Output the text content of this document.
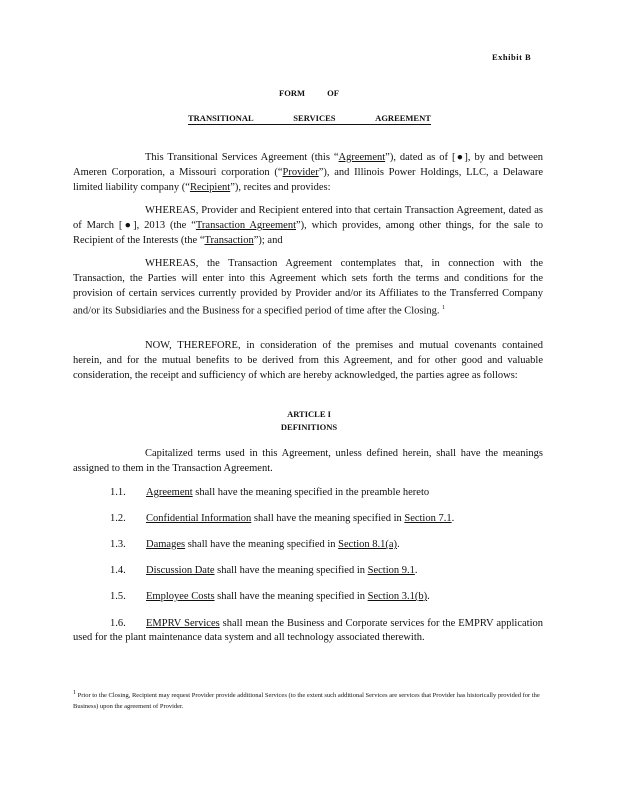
Exhibit B
FORM OF
TRANSITIONAL SERVICES AGREEMENT
This Transitional Services Agreement (this “Agreement”), dated as of [●], by and between Ameren Corporation, a Missouri corporation (“Provider”), and Illinois Power Holdings, LLC, a Delaware limited liability company (“Recipient”), recites and provides:
WHEREAS, Provider and Recipient entered into that certain Transaction Agreement, dated as of March [●], 2013 (the “Transaction Agreement”), which provides, among other things, for the sale to Recipient of the Interests (the “Transaction”); and
WHEREAS, the Transaction Agreement contemplates that, in connection with the Transaction, the Parties will enter into this Agreement which sets forth the terms and conditions for the provision of certain services currently provided by Provider and/or its Affiliates to the Transferred Company and/or its Subsidiaries and the Business for a specified period of time after the Closing. $^1$
NOW, THEREFORE, in consideration of the premises and mutual covenants contained herein, and for the mutual benefits to be derived from this Agreement, and for other good and valuable consideration, the receipt and sufficiency of which are hereby acknowledged, the parties agree as follows:
ARTICLE I
DEFINITIONS
Capitalized terms used in this Agreement, unless defined herein, shall have the meanings assigned to them in the Transaction Agreement.
1.1. Agreement shall have the meaning specified in the preamble hereto
1.2. Confidential Information shall have the meaning specified in Section 7.1.
1.3. Damages shall have the meaning specified in Section 8.1(a).
1.4. Discussion Date shall have the meaning specified in Section 9.1.
1.5. Employee Costs shall have the meaning specified in Section 3.1(b).
1.6. EMPRV Services shall mean the Business and Corporate services for the EMPRV application used for the plant maintenance data system and all technology associated therewith.
1 Prior to the Closing, Recipient may request Provider provide additional Services (to the extent such additional Services are services that Provider has historically provided for the Business) upon the agreement of Provider.
